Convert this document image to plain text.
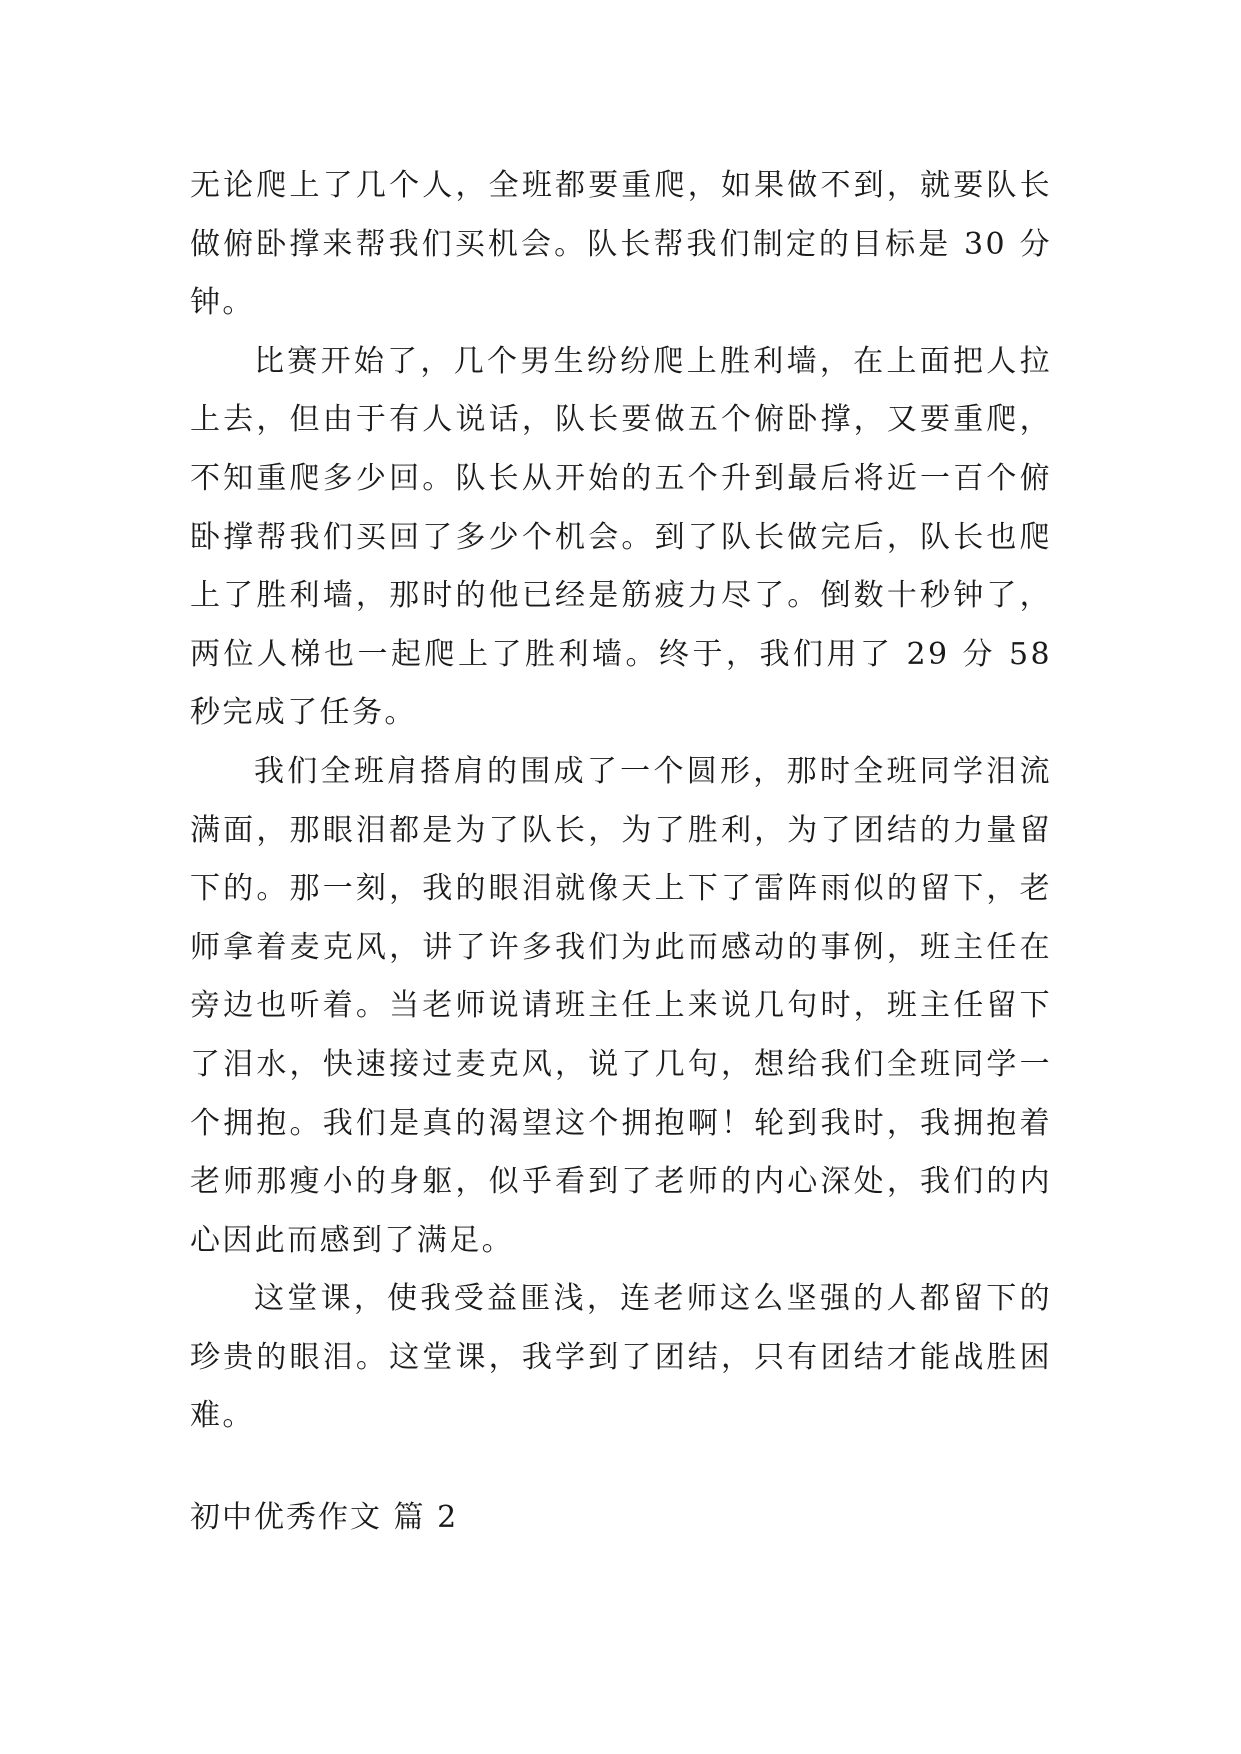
无论爬上了几个人，全班都要重爬，如果做不到，就要队长做俯卧撑来帮我们买机会。队长帮我们制定的目标是 30 分钟。

比赛开始了，几个男生纷纷爬上胜利墙，在上面把人拉上去，但由于有人说话，队长要做五个俯卧撑，又要重爬，不知重爬多少回。队长从开始的五个升到最后将近一百个俯卧撑帮我们买回了多少个机会。到了队长做完后，队长也爬上了胜利墙，那时的他已经是筋疲力尽了。倒数十秒钟了，两位人梯也一起爬上了胜利墙。终于，我们用了 29 分 58 秒完成了任务。

我们全班肩搭肩的围成了一个圆形，那时全班同学泪流满面，那眼泪都是为了队长，为了胜利，为了团结的力量留下的。那一刻，我的眼泪就像天上下了雷阵雨似的留下，老师拿着麦克风，讲了许多我们为此而感动的事例，班主任在旁边也听着。当老师说请班主任上来说几句时，班主任留下了泪水，快速接过麦克风，说了几句，想给我们全班同学一个拥抱。我们是真的渴望这个拥抱啊！轮到我时，我拥抱着老师那瘦小的身躯，似乎看到了老师的内心深处，我们的内心因此而感到了满足。

这堂课，使我受益匪浅，连老师这么坚强的人都留下的珍贵的眼泪。这堂课，我学到了团结，只有团结才能战胜困难。

初中优秀作文 篇 2
